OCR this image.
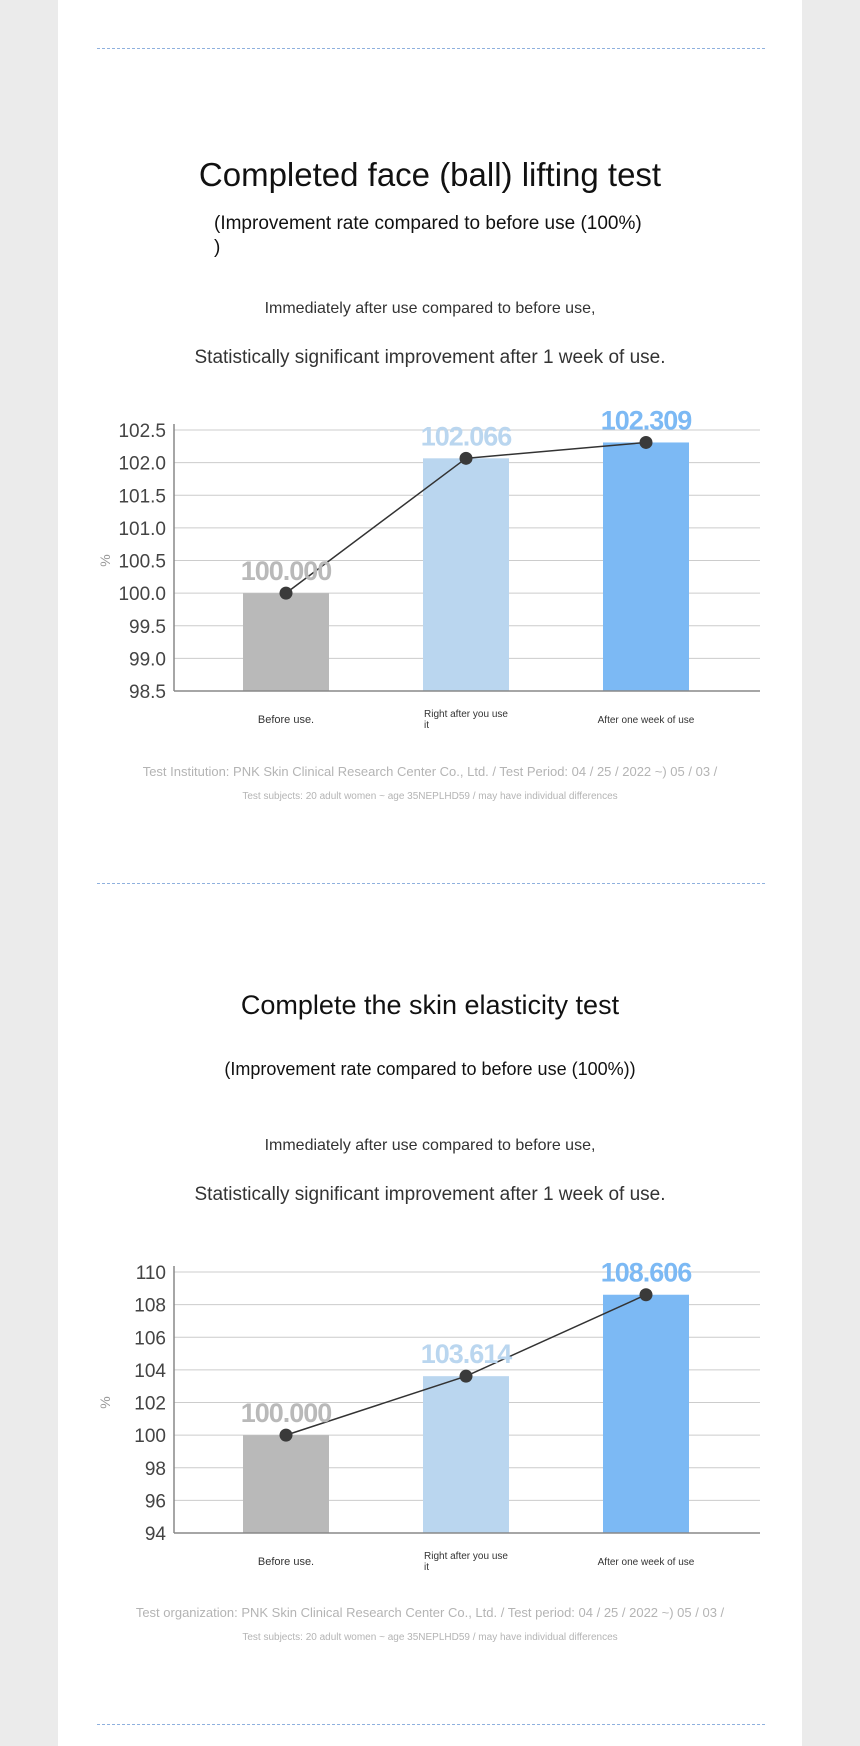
Completed face (ball) lifting test
(Improvement rate compared to before use (100%)
)
Immediately after use compared to before use,
Statistically significant improvement after 1 week of use.
98.5
99.0
99.5
100.0
100.5
101.0
101.5
102.0
102.5
%	100.000
102.066
102.309
Before use.	Right after you use it	After one week of use
Test Institution: PNK Skin Clinical Research Center Co., Ltd. / Test Period: 04 / 25 / 2022 ~) 05 / 03 /
Test subjects: 20 adult women ~ age 35NEPLHD59 / may have individual differences
Complete the skin elasticity test
(Improvement rate compared to before use (100%))
Immediately after use compared to before use,
Statistically significant improvement after 1 week of use.
94
96
98
100
102
104
106
108
110
%	100.000
103.614
108.606
Before use.	Right after you use it	After one week of use
Test organization: PNK Skin Clinical Research Center Co., Ltd. / Test period: 04 / 25 / 2022 ~) 05 / 03 /
Test subjects: 20 adult women ~ age 35NEPLHD59 / may have individual differences
